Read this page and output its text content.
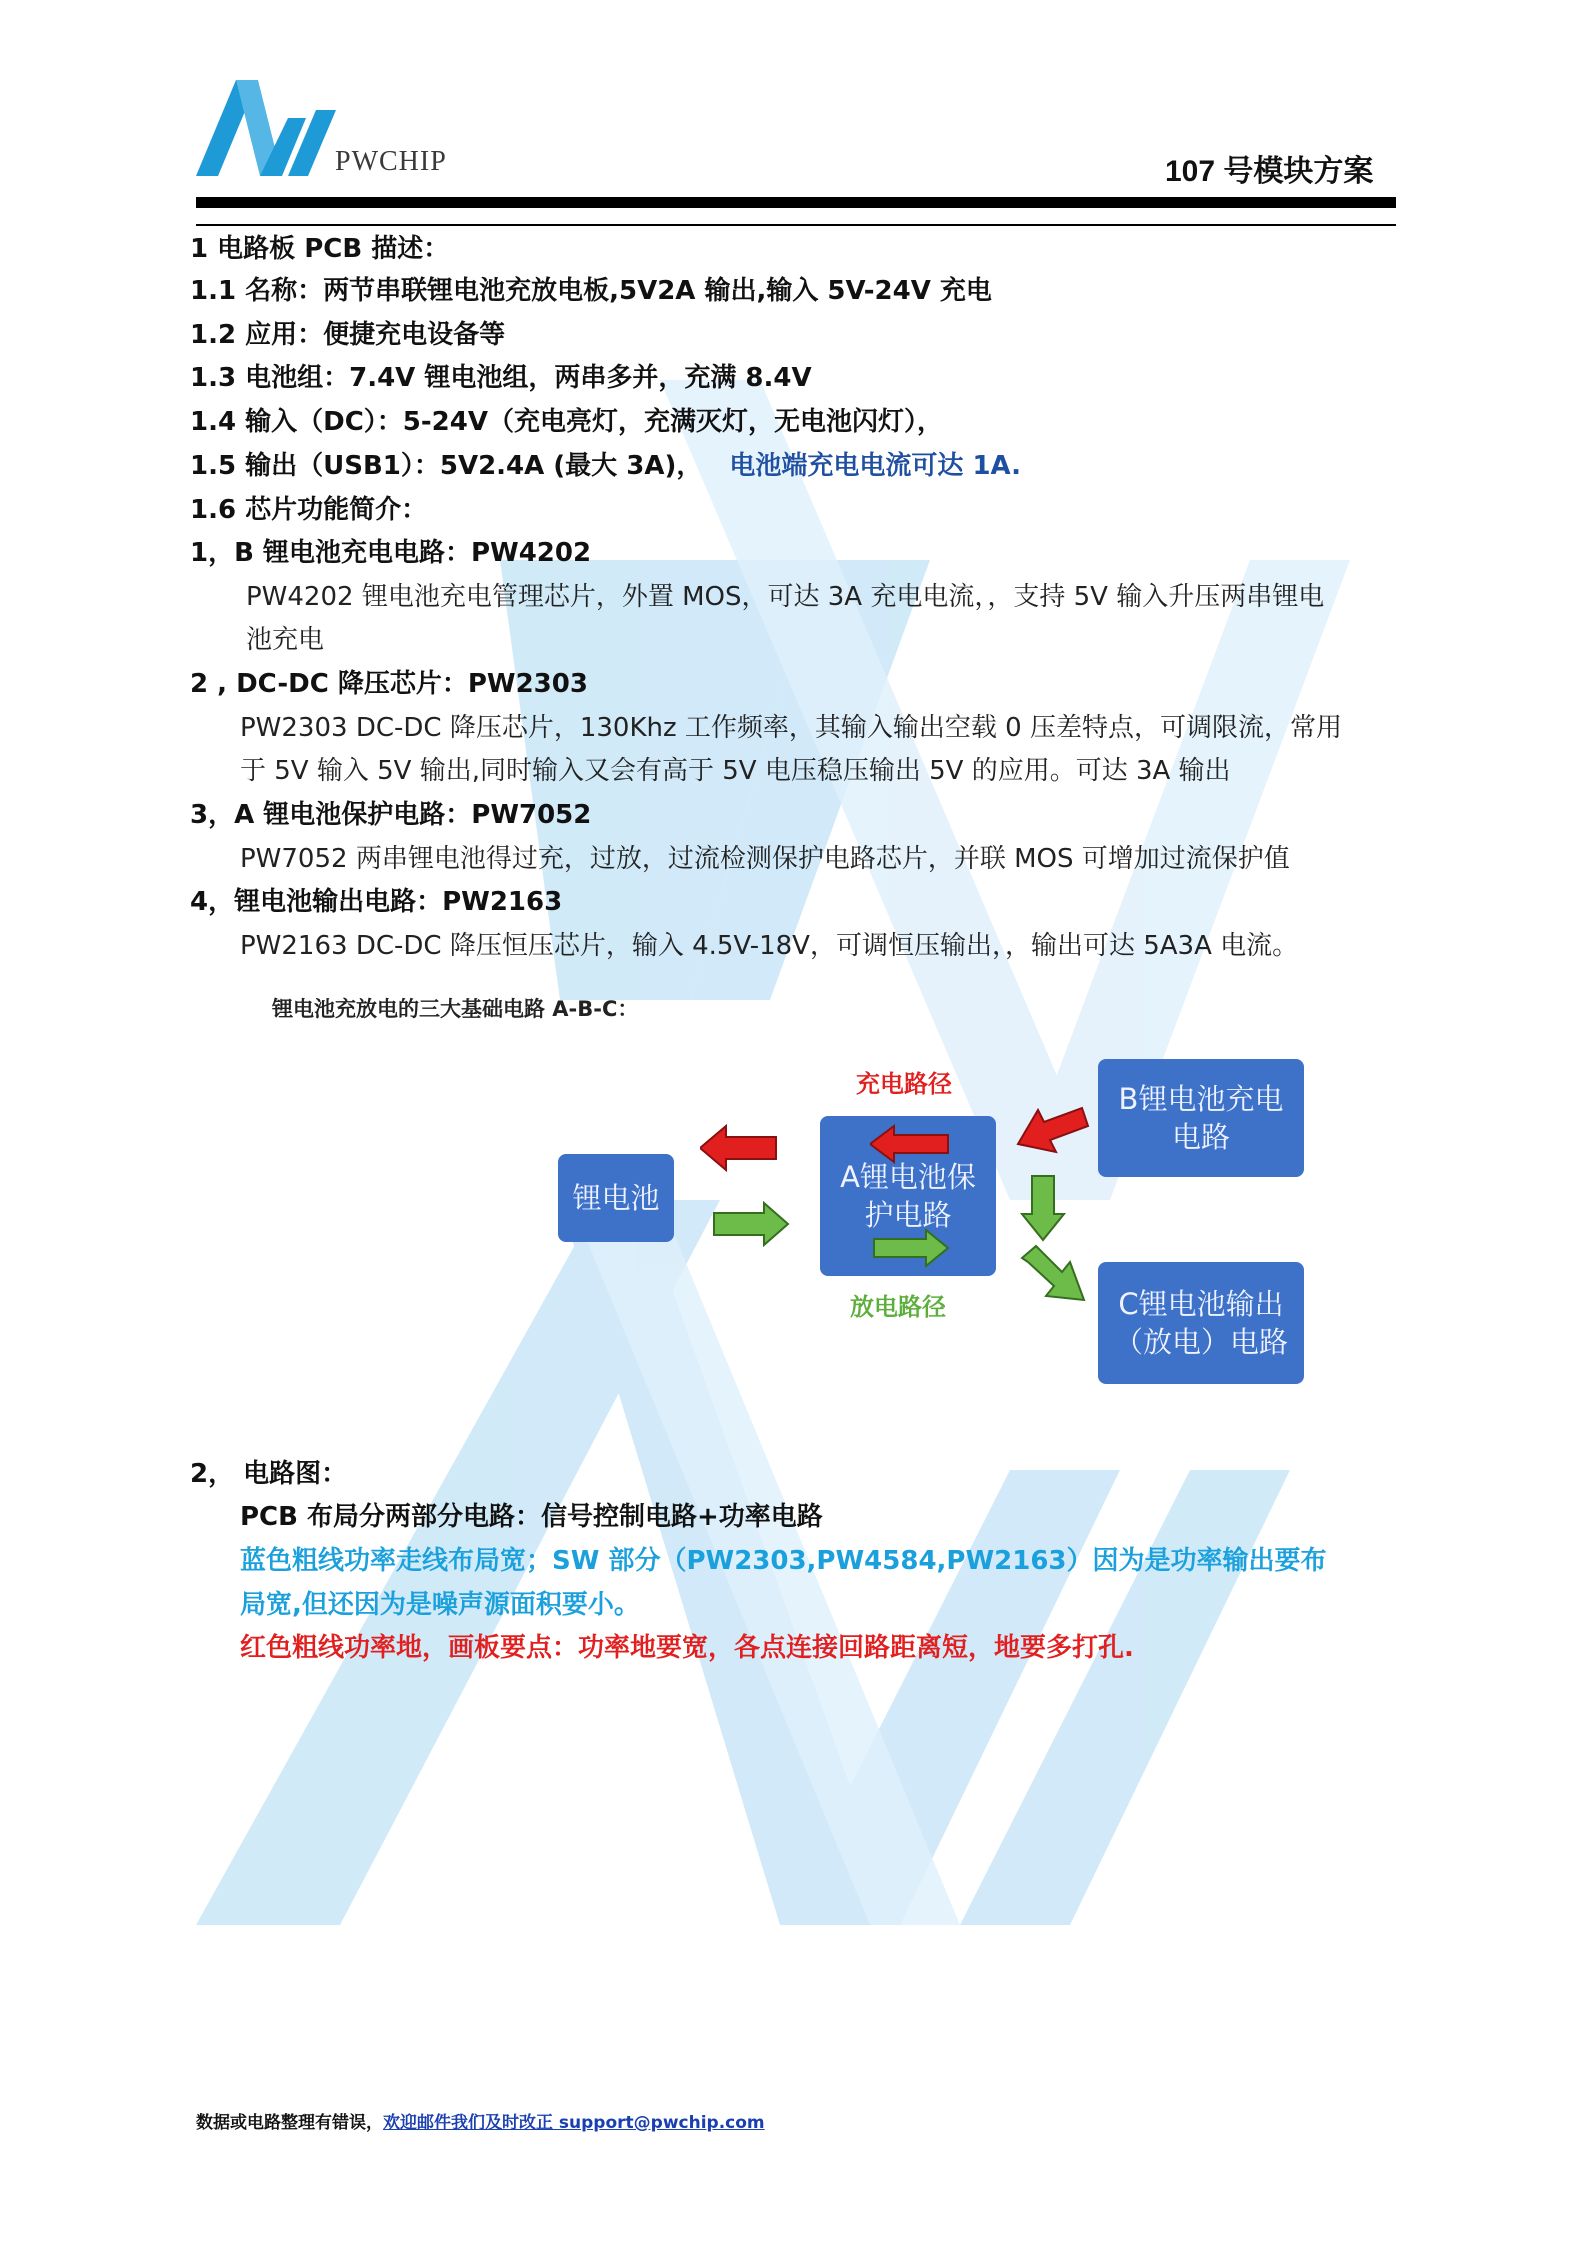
PWCHIP	107 号模块方案
1 电路板 PCB 描述：
1.1 名称：两节串联锂电池充放电板,5V2A 输出,输入 5V-24V 充电
1.2 应用：便捷充电设备等
1.3 电池组：7.4V 锂电池组，两串多并，充满 8.4V
1.4 输入（DC）：5-24V（充电亮灯，充满灭灯，无电池闪灯），
1.5 输出（USB1）：5V2.4A (最大 3A)， 电池端充电电流可达 1A.
1.6 芯片功能简介：
1，B 锂电池充电电路：PW4202
PW4202 锂电池充电管理芯片，外置 MOS，可达 3A 充电电流，，支持 5V 输入升压两串锂电
池充电
2 , DC-DC 降压芯片：PW2303
PW2303 DC-DC 降压芯片，130Khz 工作频率，其输入输出空载 0 压差特点，可调限流，常用
于 5V 输入 5V 输出,同时输入又会有高于 5V 电压稳压输出 5V 的应用。可达 3A 输出
3，A 锂电池保护电路：PW7052
PW7052 两串锂电池得过充，过放，过流检测保护电路芯片，并联 MOS 可增加过流保护值
4，锂电池输出电路：PW2163
PW2163 DC-DC 降压恒压芯片，输入 4.5V-18V，可调恒压输出，，输出可达 5A3A 电流。
锂电池充放电的三大基础电路 A-B-C：
充电路径
放电路径
锂电池
A锂电池保
护电路
B锂电池充电
电路
C锂电池输出
（放电）电路
2， 电路图：
PCB 布局分两部分电路：信号控制电路+功率电路
蓝色粗线功率走线布局宽；SW 部分（PW2303,PW4584,PW2163）因为是功率输出要布
局宽,但还因为是噪声源面积要小。
红色粗线功率地，画板要点：功率地要宽，各点连接回路距离短，地要多打孔.
数据或电路整理有错误，欢迎邮件我们及时改正 support@pwchip.com
